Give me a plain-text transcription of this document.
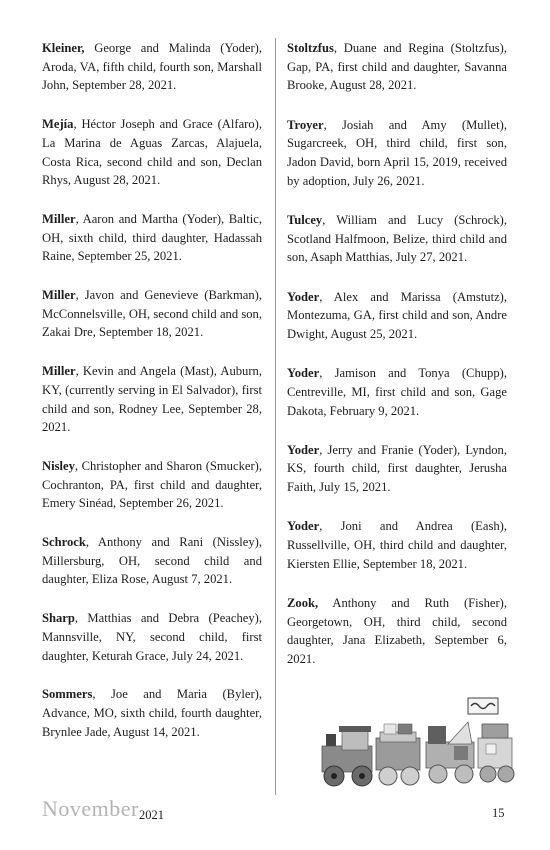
Kleiner, George and Malinda (Yoder), Aroda, VA, fifth child, fourth son, Marshall John, September 28, 2021.

Mejía, Héctor Joseph and Grace (Alfaro), La Marina de Aguas Zarcas, Alajuela, Costa Rica, second child and son, Declan Rhys, August 28, 2021.

Miller, Aaron and Martha (Yoder), Baltic, OH, sixth child, third daughter, Hadassah Raine, September 25, 2021.

Miller, Javon and Genevieve (Barkman), McConnelsville, OH, second child and son, Zakai Dre, September 18, 2021.

Miller, Kevin and Angela (Mast), Auburn, KY, (currently serving in El Salvador), first child and son, Rodney Lee, September 28, 2021.

Nisley, Christopher and Sharon (Smucker), Cochranton, PA, first child and daughter, Emery Sinéad, September 26, 2021.

Schrock, Anthony and Rani (Nissley), Millersburg, OH, second child and daughter, Eliza Rose, August 7, 2021.

Sharp, Matthias and Debra (Peachey), Mannsville, NY, second child, first daughter, Keturah Grace, July 24, 2021.

Sommers, Joe and Maria (Byler), Advance, MO, sixth child, fourth daughter, Brynlee Jade, August 14, 2021.

Stoltzfus, Duane and Regina (Stoltzfus), Gap, PA, first child and daughter, Savanna Brooke, August 28, 2021.

Troyer, Josiah and Amy (Mullet), Sugarcreek, OH, third child, first son, Jadon David, born April 15, 2019, received by adoption, July 26, 2021.

Tulcey, William and Lucy (Schrock), Scotland Halfmoon, Belize, third child and son, Asaph Matthias, July 27, 2021.

Yoder, Alex and Marissa (Amstutz), Montezuma, GA, first child and son, Andre Dwight, August 25, 2021.

Yoder, Jamison and Tonya (Chupp), Centreville, MI, first child and son, Gage Dakota, February 9, 2021.

Yoder, Jerry and Franie (Yoder), Lyndon, KS, fourth child, first daughter, Jerusha Faith, July 15, 2021.

Yoder, Joni and Andrea (Eash), Russellville, OH, third child and daughter, Kiersten Ellie, September 18, 2021.

Zook, Anthony and Ruth (Fisher), Georgetown, OH, third child, second daughter, Jana Elizabeth, September 6, 2021.

November 2021	15
